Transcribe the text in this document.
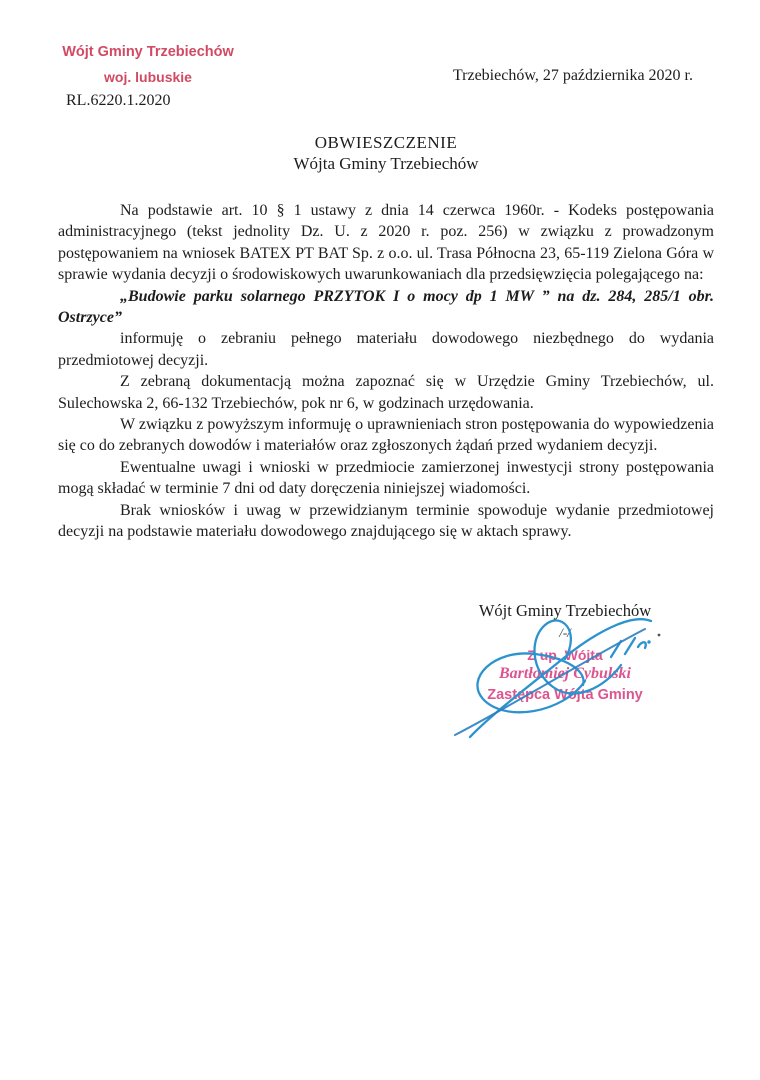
Wójt Gminy Trzebiechów
woj. lubuskie
RL.6220.1.2020
Trzebiechów, 27 października 2020 r.
OBWIESZCZENIE
Wójta Gminy Trzebiechów

Na podstawie art. 10 § 1 ustawy z dnia 14 czerwca 1960r. - Kodeks postępowania administracyjnego (tekst jednolity Dz. U. z 2020 r. poz. 256) w związku z prowadzonym postępowaniem na wniosek BATEX PT BAT Sp. z o.o. ul. Trasa Północna 23, 65-119 Zielona Góra w sprawie wydania decyzji o środowiskowych uwarunkowaniach dla przedsięwzięcia polegającego na:

„Budowie parku solarnego PRZYTOK I o mocy dp 1 MW ” na dz. 284, 285/1 obr. Ostrzyce”

informuję o zebraniu pełnego materiału dowodowego niezbędnego do wydania przedmiotowej decyzji.

Z zebraną dokumentacją można zapoznać się w Urzędzie Gminy Trzebiechów, ul. Sulechowska 2, 66-132 Trzebiechów, pok nr 6, w godzinach urzędowania.

W związku z powyższym informuję o uprawnieniach stron postępowania do wypowiedzenia się co do zebranych dowodów i materiałów oraz zgłoszonych żądań przed wydaniem decyzji.

Ewentualne uwagi i wnioski w przedmiocie zamierzonej inwestycji strony postępowania mogą składać w terminie 7 dni od daty doręczenia niniejszej wiadomości.

Brak wniosków i uwag w przewidzianym terminie spowoduje wydanie przedmiotowej decyzji na podstawie materiału dowodowego znajdującego się w aktach sprawy.

Wójt Gminy Trzebiechów
/-/
Z up. Wójta
Bartłomiej Cybulski
Zastępca Wójta Gminy
